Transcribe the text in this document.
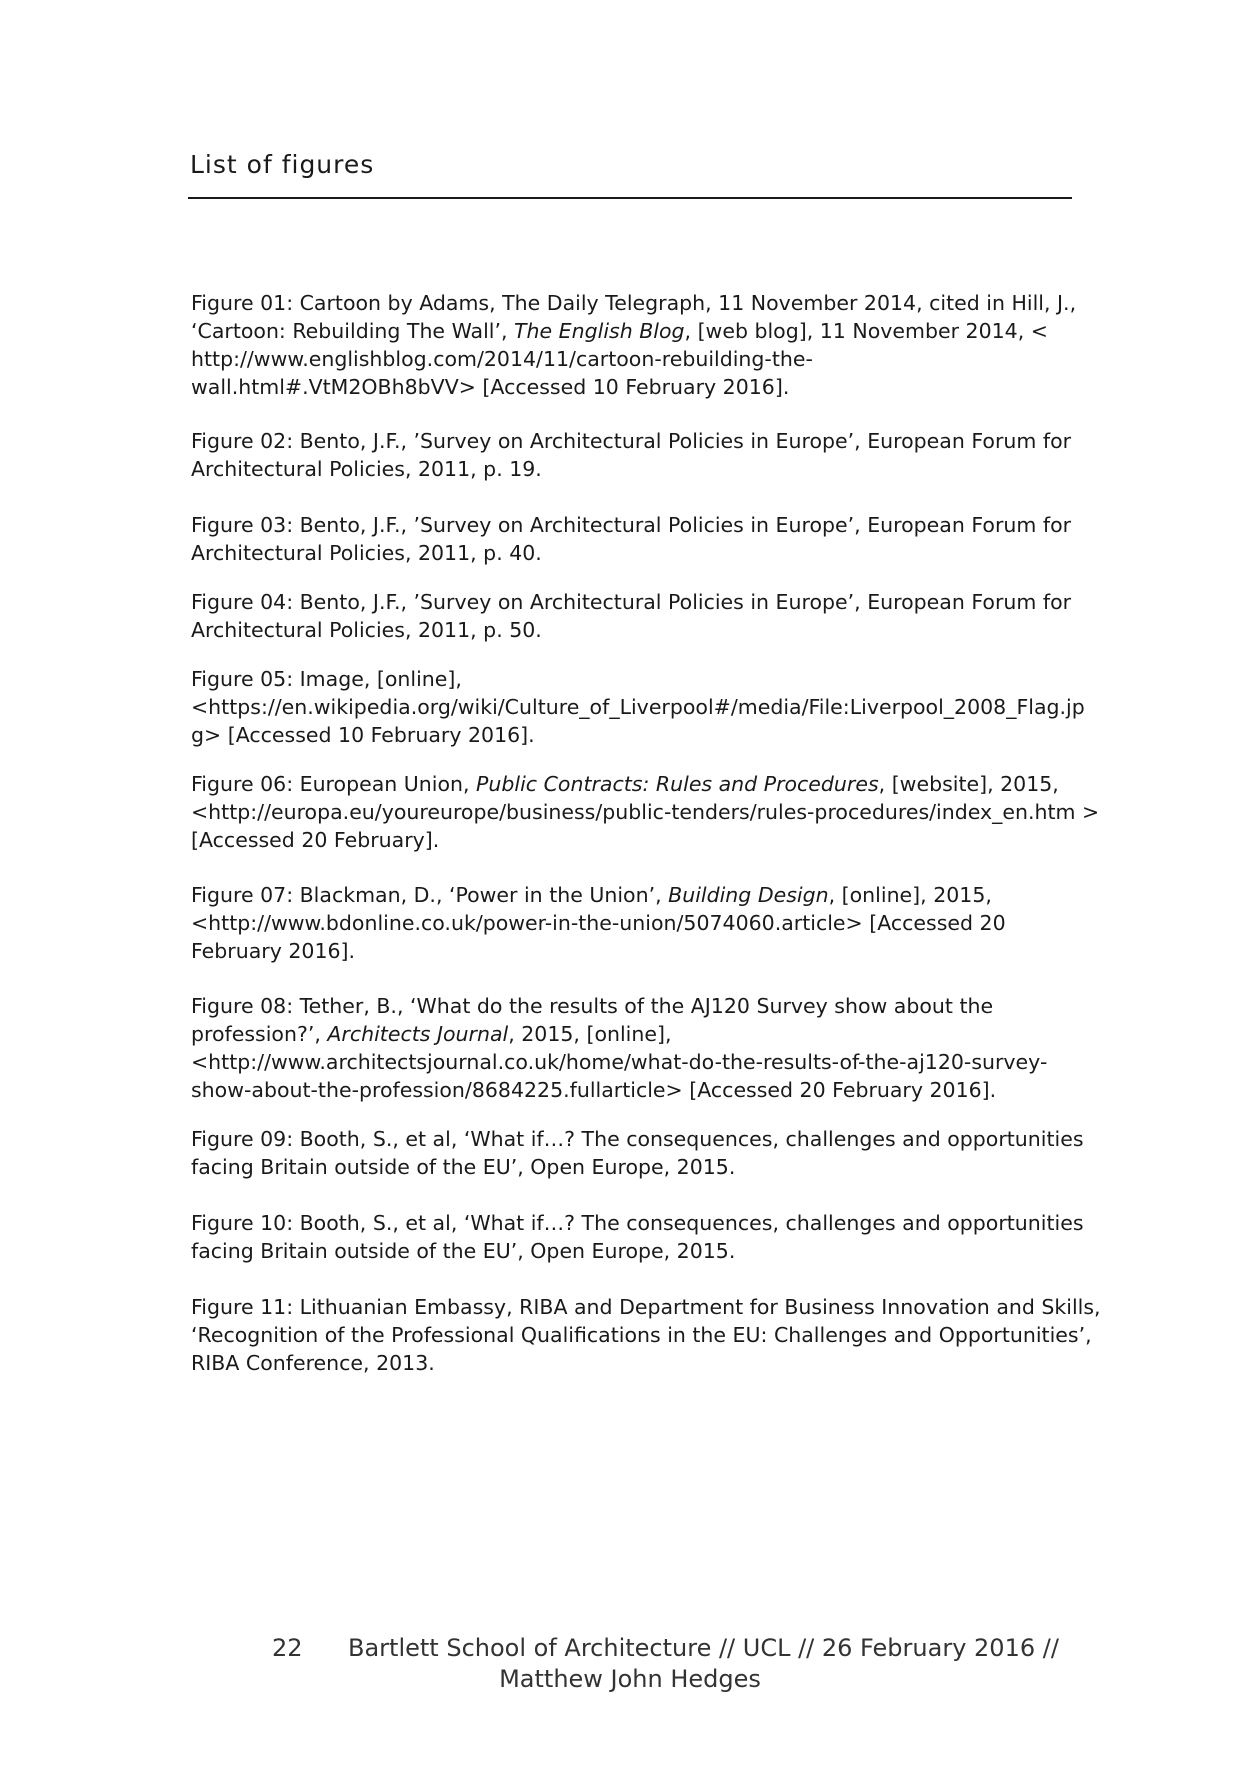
List of figures

Figure 01: Cartoon by Adams, The Daily Telegraph, 11 November 2014, cited in Hill, J.,
‘Cartoon: Rebuilding The Wall’, The English Blog, [web blog], 11 November 2014, <
http://www.englishblog.com/2014/11/cartoon-rebuilding-the-
wall.html#.VtM2OBh8bVV> [Accessed 10 February 2016].

Figure 02: Bento, J.F., ’Survey on Architectural Policies in Europe’, European Forum for
Architectural Policies, 2011, p. 19.

Figure 03: Bento, J.F., ’Survey on Architectural Policies in Europe’, European Forum for
Architectural Policies, 2011, p. 40.

Figure 04: Bento, J.F., ’Survey on Architectural Policies in Europe’, European Forum for
Architectural Policies, 2011, p. 50.

Figure 05: Image, [online],
<https://en.wikipedia.org/wiki/Culture_of_Liverpool#/media/File:Liverpool_2008_Flag.jp
g> [Accessed 10 February 2016].

Figure 06: European Union, Public Contracts: Rules and Procedures, [website], 2015,
<http://europa.eu/youreurope/business/public-tenders/rules-procedures/index_en.htm >
[Accessed 20 February].

Figure 07: Blackman, D., ‘Power in the Union’, Building Design, [online], 2015,
<http://www.bdonline.co.uk/power-in-the-union/5074060.article> [Accessed 20
February 2016].

Figure 08: Tether, B., ‘What do the results of the AJ120 Survey show about the
profession?’, Architects Journal, 2015, [online],
<http://www.architectsjournal.co.uk/home/what-do-the-results-of-the-aj120-survey-
show-about-the-profession/8684225.fullarticle> [Accessed 20 February 2016].

Figure 09: Booth, S., et al, ‘What if…? The consequences, challenges and opportunities
facing Britain outside of the EU’, Open Europe, 2015.

Figure 10: Booth, S., et al, ‘What if…? The consequences, challenges and opportunities
facing Britain outside of the EU’, Open Europe, 2015.

Figure 11: Lithuanian Embassy, RIBA and Department for Business Innovation and Skills,
‘Recognition of the Professional Qualifications in the EU: Challenges and Opportunities’,
RIBA Conference, 2013.

22 Bartlett School of Architecture // UCL // 26 February 2016 //
Matthew John Hedges
